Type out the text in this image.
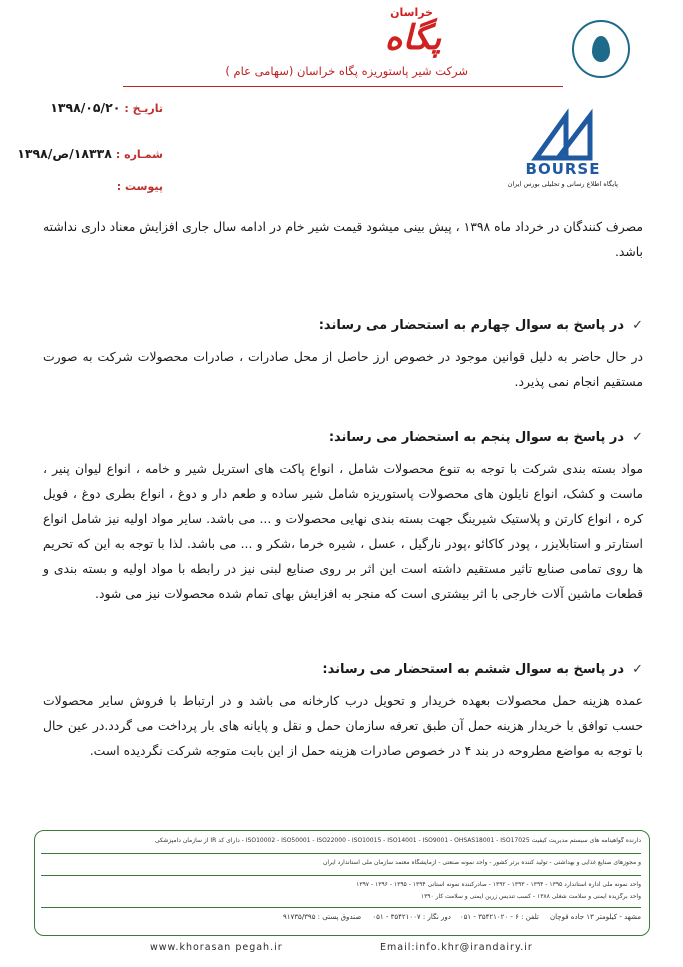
خراسان
پگاه
شرکت شیر پاستوریزه پگاه خراسان (سهامی عام )
تاریـخ : ۱۳۹۸/۰۵/۲۰
شمـاره : ۱۸۳۳۸/ص/۱۳۹۸
پیوست :
BOURSE
پایگاه اطلاع رسانی و تحلیلی بورس ایران
مصرف کنندگان در خرداد ماه ۱۳۹۸ ، پیش بینی میشود قیمت شیر خام در ادامه سال جاری افزایش معناد داری نداشته باشد.
✓در پاسخ به سوال چهارم به استحضار می رساند:
در حال حاضر به دلیل قوانین موجود در خصوص ارز حاصل از محل صادرات ، صادرات محصولات شرکت به صورت مستقیم انجام نمی پذیرد.
✓در پاسخ به سوال پنجم به استحضار می رساند:
مواد بسته بندی شرکت با توجه به تنوع محصولات شامل ، انواع پاکت های استریل شیر و خامه ، انواع لیوان پنیر ، ماست و کشک، انواع نایلون های محصولات پاستوریزه شامل شیر ساده و طعم دار و دوغ ، انواع بطری دوغ ، فویل کره ، انواع کارتن و پلاستیک شیرینگ جهت بسته بندی نهایی محصولات و ... می باشد. سایر مواد اولیه نیز شامل انواع استارتر و استابلایزر ، پودر کاکائو ،پودر نارگیل ، عسل ، شیره خرما ،شکر و ... می باشد. لذا با توجه به این که تحریم ها روی تمامی صنایع تاثیر مستقیم داشته است این اثر بر روی صنایع لبنی نیز در رابطه با مواد اولیه و بسته بندی و قطعات ماشین آلات خارجی با اثر بیشتری است که منجر به افزایش بهای تمام شده محصولات نیز می شود.
✓در پاسخ به سوال ششم به استحضار می رساند:
عمده هزینه حمل محصولات بعهده خریدار و تحویل درب کارخانه می باشد و در ارتباط با فروش سایر محصولات حسب توافق با خریدار هزینه حمل آن طبق تعرفه سازمان حمل و نقل و پایانه های بار پرداخت می گردد.در عین حال با توجه به مواضع مطروحه در بند ۴ در خصوص صادرات هزینه حمل از این بابت متوجه شرکت نگردیده است.
دارنده گواهینامه های سیستم مدیریت کیفیت ISO10002 - ISO50001 - ISO22000 - ISO10015 - ISO14001 - ISO9001 - OHSAS18001 - ISO17025 - دارای کد IR از سازمان دامپزشکی
و مجوزهای صنایع غذایی و بهداشتی - تولید کننده برتر کشور - واحد نمونه صنعتی - آزمایشگاه معتمد سازمان ملی استاندارد ایران
واحد نمونه ملی اداره استاندارد ۱۳۹۵ - ۱۳۹۴ - ۱۳۹۳ - ۱۳۹۲ - صادرکننده نمونه استانی ۱۳۹۴ - ۱۳۹۵ - ۱۳۹۶ - ۱۳۹۷
واحد برگزیده ایمنی و سلامت شغلی ۱۳۸۸ - کسب تندیس زرین ایمنی و سلامت کار ۱۳۹۰
مشهد - کیلومتر ۱۳ جاده قوچان     تلفن : ۶ - ۳۵۴۲۱۰۲۰ - ۰۵۱    دور نگار : ۳۵۴۲۱۰۰۷ - ۰۵۱     صندوق پستی : ۹۱۷۳۵/۳۹۵
www.khorasan pegah.ir	Email:info.khr@irandairy.ir
